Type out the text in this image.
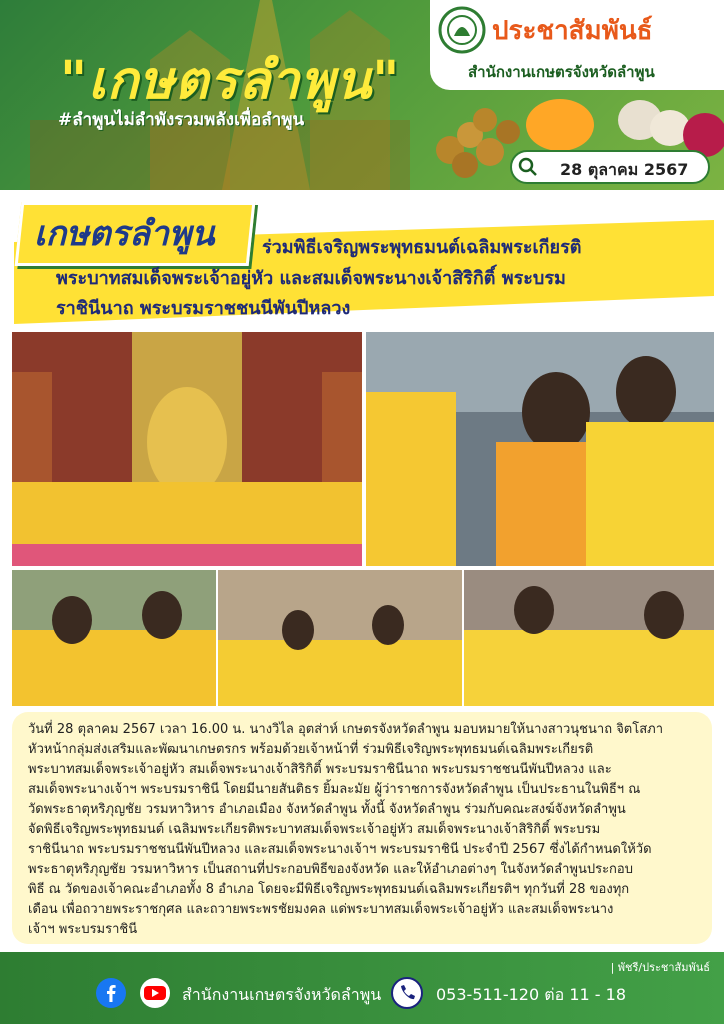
"เกษตรลำพูน"
#ลำพูนไม่ลำพังรวมพลังเพื่อลำพูน
28 ตุลาคม 2567
ประชาสัมพันธ์
สำนักงานเกษตรจังหวัดลำพูน
เกษตรลำพูน	ร่วมพิธีเจริญพระพุทธมนต์เฉลิมพระเกียรติ
พระบาทสมเด็จพระเจ้าอยู่หัว และสมเด็จพระนางเจ้าสิริกิติ์ พระบรม
ราชินีนาถ พระบรมราชชนนีพันปีหลวง
วันที่ 28 ตุลาคม 2567 เวลา 16.00 น. นางวิไล อุตส่าห์ เกษตรจังหวัดลำพูน มอบหมายให้นางสาวนุชนาถ จิตโสภา
หัวหน้ากลุ่มส่งเสริมและพัฒนาเกษตรกร พร้อมด้วยเจ้าหน้าที่ ร่วมพิธีเจริญพระพุทธมนต์เฉลิมพระเกียรติ
พระบาทสมเด็จพระเจ้าอยู่หัว สมเด็จพระนางเจ้าสิริกิติ์ พระบรมราชินีนาถ พระบรมราชชนนีพันปีหลวง และ
สมเด็จพระนางเจ้าฯ พระบรมราชินี โดยมีนายสันติธร ยิ้มละมัย ผู้ว่าราชการจังหวัดลำพูน เป็นประธานในพิธีฯ ณ
วัดพระธาตุหริภุญชัย วรมหาวิหาร อำเภอเมือง จังหวัดลำพูน ทั้งนี้ จังหวัดลำพูน ร่วมกับคณะสงฆ์จังหวัดลำพูน
จัดพิธีเจริญพระพุทธมนต์ เฉลิมพระเกียรติพระบาทสมเด็จพระเจ้าอยู่หัว สมเด็จพระนางเจ้าสิริกิติ์ พระบรม
ราชินีนาถ พระบรมราชชนนีพันปีหลวง และสมเด็จพระนางเจ้าฯ พระบรมราชินี ประจำปี 2567 ซึ่งได้กำหนดให้วัด
พระธาตุหริภุญชัย วรมหาวิหาร เป็นสถานที่ประกอบพิธีของจังหวัด และให้อำเภอต่างๆ ในจังหวัดลำพูนประกอบ
พิธี ณ วัดของเจ้าคณะอำเภอทั้ง 8 อำเภอ โดยจะมีพิธีเจริญพระพุทธมนต์เฉลิมพระเกียรติฯ ทุกวันที่ 28 ของทุก
เดือน เพื่อถวายพระราชกุศล และถวายพระพรชัยมงคล แด่พระบาทสมเด็จพระเจ้าอยู่หัว และสมเด็จพระนาง
เจ้าฯ พระบรมราชินี
| พัชรี/ประชาสัมพันธ์
สำนักงานเกษตรจังหวัดลำพูน	053-511-120 ต่อ 11 - 18
